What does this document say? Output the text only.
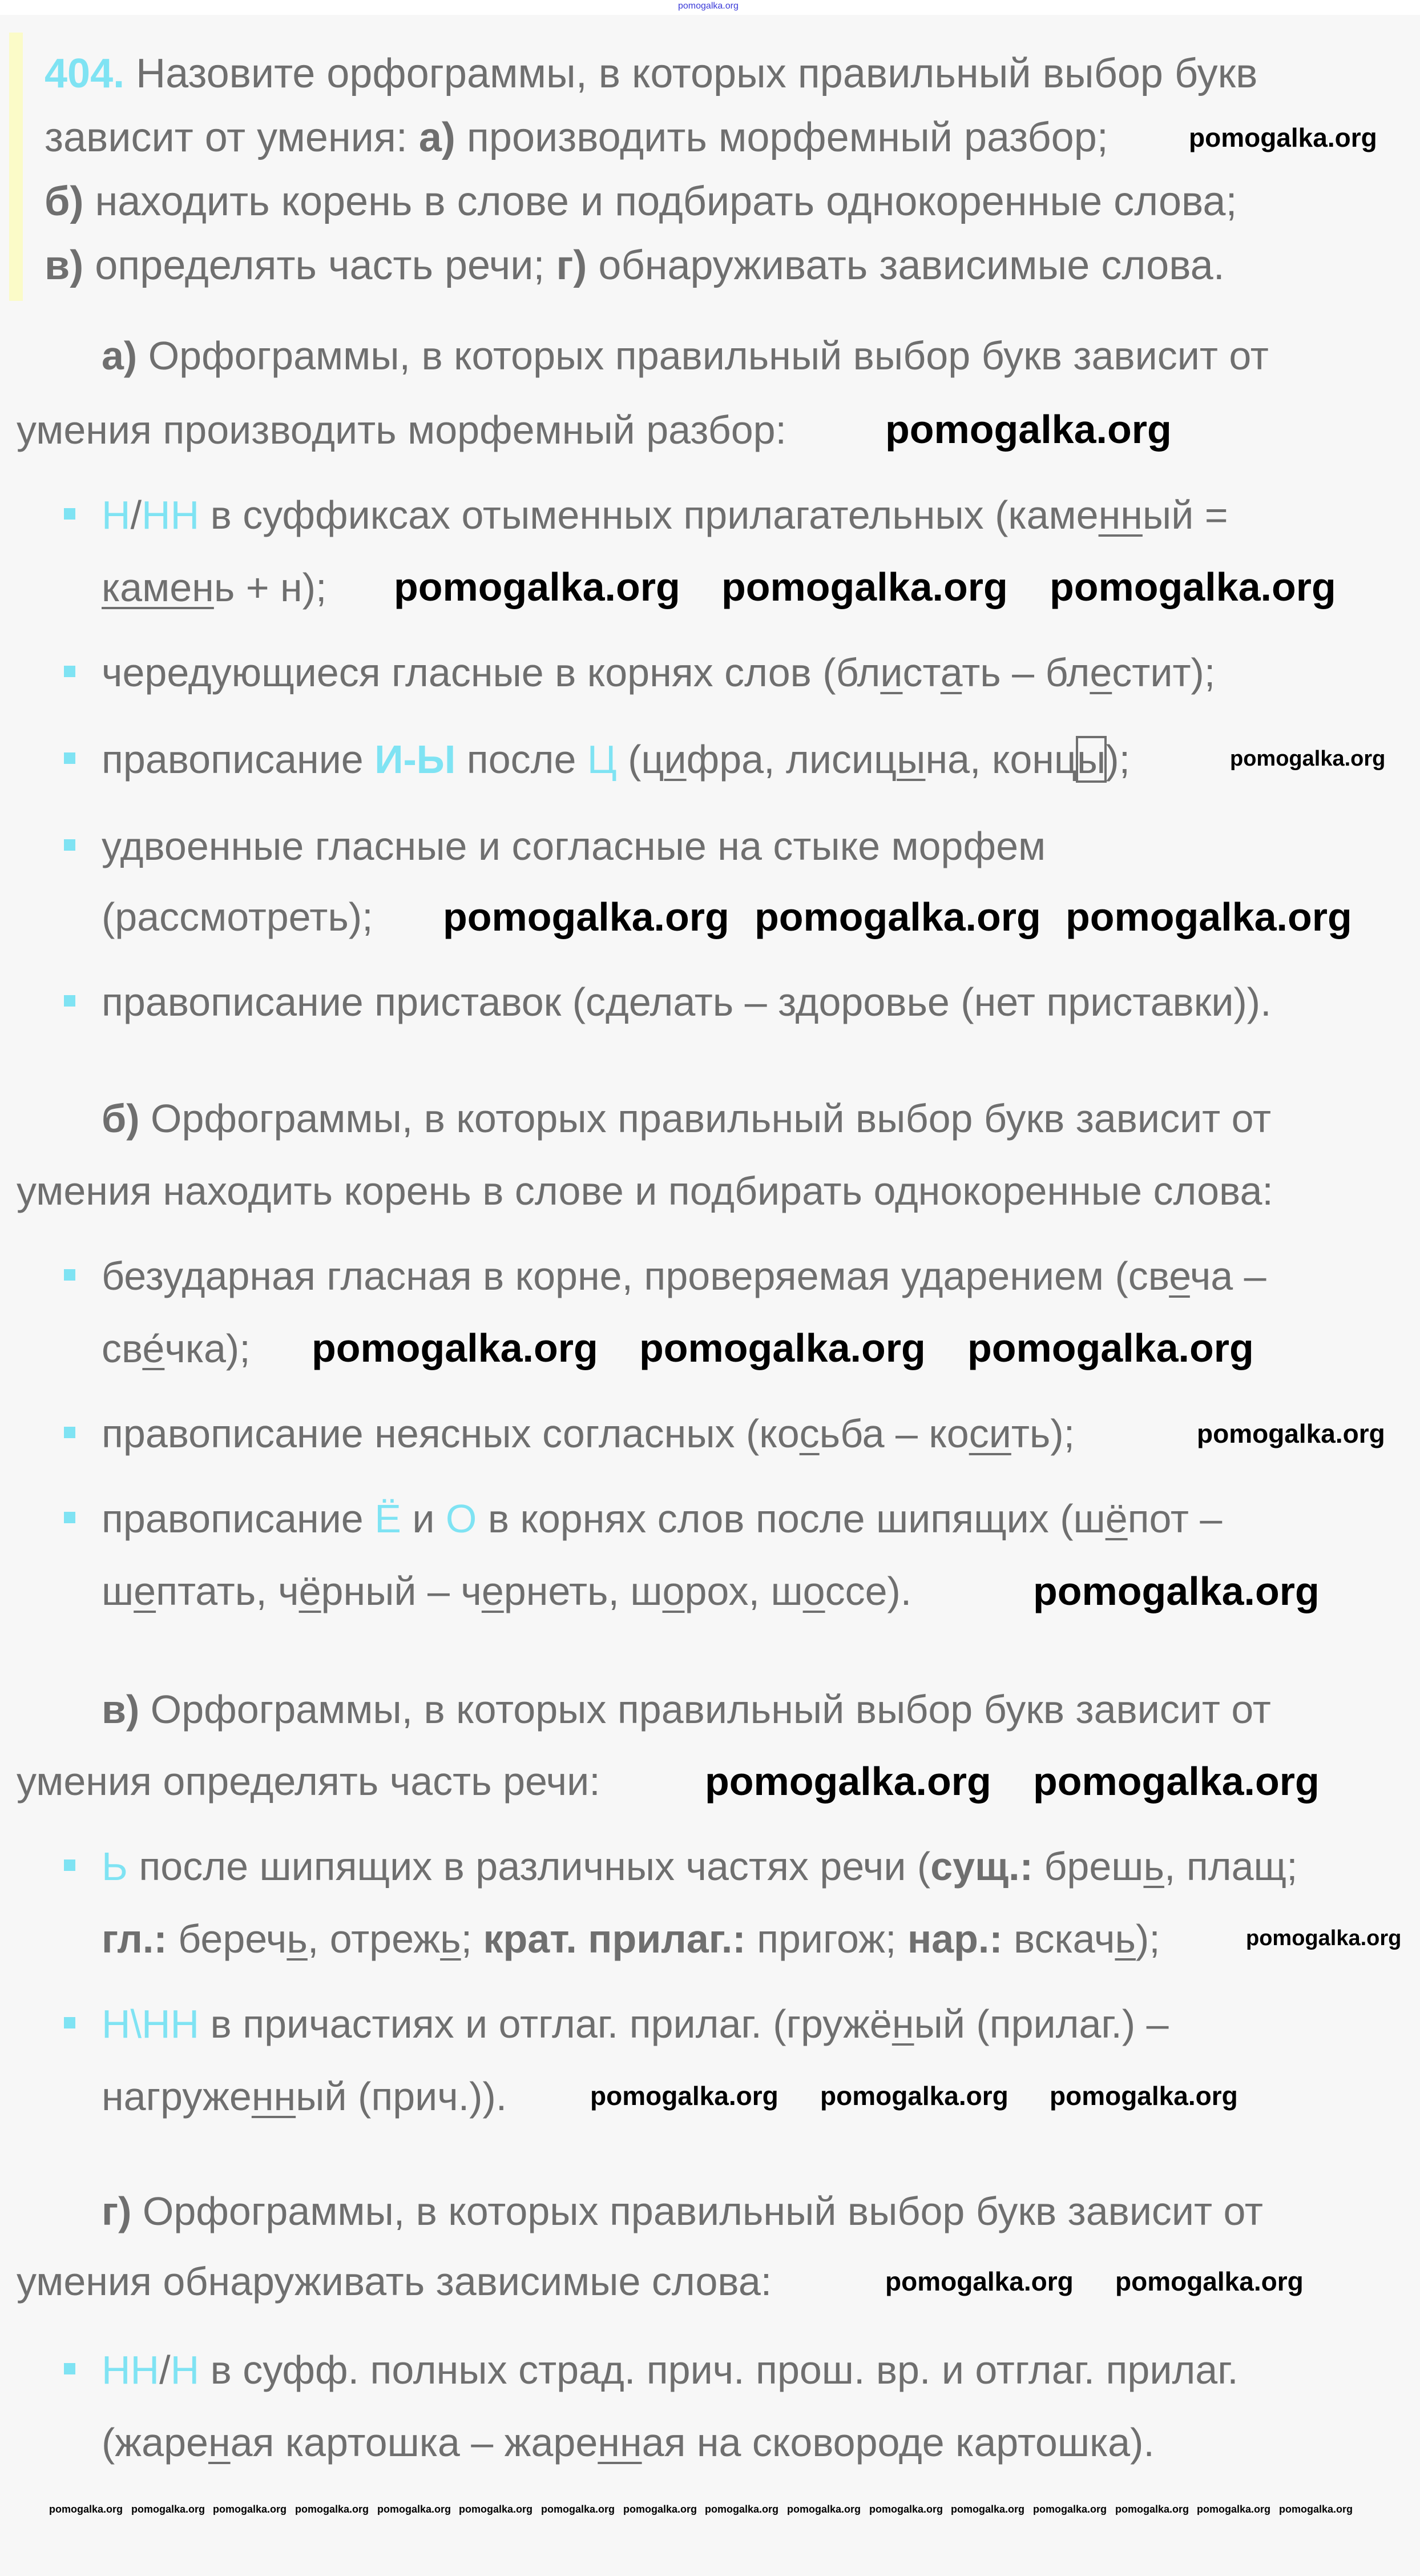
pomogalka.org
404. Назовите орфограммы, в которых правильный выбор букв
зависит от умения: а) производить морфемный разбор;
б) находить корень в слове и подбирать однокоренные слова;
в) определять часть речи; г) обнаруживать зависимые слова.
а) Орфограммы, в которых правильный выбор букв зависит от
умения производить морфемный разбор:
Н/НН в суффиксах отыменных прилагательных (каменный =
камень + н);
чередующиеся гласные в корнях слов (блистать – блестит);
правописание И-Ы после Ц (цифра, лисицына, концы);
удвоенные гласные и согласные на стыке морфем
(рассмотреть);
правописание приставок (сделать – здоровье (нет приставки)).
б) Орфограммы, в которых правильный выбор букв зависит от
умения находить корень в слове и подбирать однокоренные слова:
безударная гласная в корне, проверяемая ударением (свеча –
све́чка);
правописание неясных согласных (косьба – косить);
правописание Ё и О в корнях слов после шипящих (шёпот –
шептать, чёрный – чернеть, шорох, шоссе).
в) Орфограммы, в которых правильный выбор букв зависит от
умения определять часть речи:
Ь после шипящих в различных частях речи (сущ.: брешь, плащ;
гл.: беречь, отрежь; крат. прилаг.: пригож; нар.: вскачь);
Н\НН в причастиях и отглаг. прилаг. (гружёный (прилаг.) –
нагруженный (прич.)).
г) Орфограммы, в которых правильный выбор букв зависит от
умения обнаруживать зависимые слова:
НН/Н в суфф. полных страд. прич. прош. вр. и отглаг. прилаг.
(жареная картошка – жаренная на сковороде картошка).
pomogalka.org
pomogalka.org pomogalka.org pomogalka.org
pomogalka.org pomogalka.org pomogalka.org
pomogalka.org pomogalka.org pomogalka.org
pomogalka.org
pomogalka.org pomogalka.org
pomogalka.org pomogalka.org pomogalka.org
pomogalka.org pomogalka.org
pomogalka.org
pomogalka.org
pomogalka.org
pomogalka.org
pomogalka.org pomogalka.org pomogalka.org pomogalka.org pomogalka.org pomogalka.org pomogalka.org pomogalka.org pomogalka.org pomogalka.org pomogalka.org pomogalka.org pomogalka.org pomogalka.org pomogalka.org pomogalka.org
